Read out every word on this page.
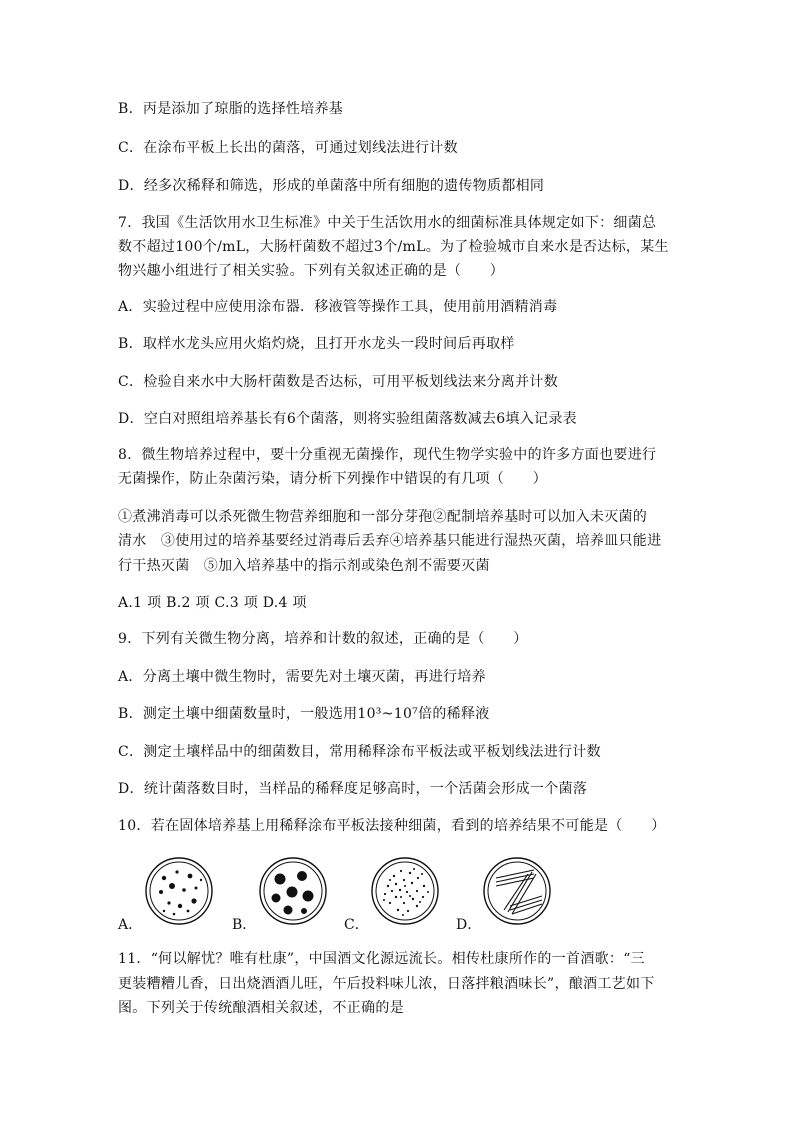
B．丙是添加了琼脂的选择性培养基
C．在涂布平板上长出的菌落，可通过划线法进行计数
D．经多次稀释和筛选，形成的单菌落中所有细胞的遗传物质都相同
7．我国《生活饮用水卫生标准》中关于生活饮用水的细菌标准具体规定如下：细菌总
数不超过100个/mL，大肠杆菌数不超过3个/mL。为了检验城市自来水是否达标，某生
物兴趣小组进行了相关实验。下列有关叙述正确的是（　　）
A．实验过程中应使用涂布器．移液管等操作工具，使用前用酒精消毒
B．取样水龙头应用火焰灼烧，且打开水龙头一段时间后再取样
C．检验自来水中大肠杆菌数是否达标，可用平板划线法来分离并计数
D．空白对照组培养基长有6个菌落，则将实验组菌落数减去6填入记录表
8．微生物培养过程中，要十分重视无菌操作，现代生物学实验中的许多方面也要进行
无菌操作，防止杂菌污染，请分析下列操作中错误的有几项（　　）
①煮沸消毒可以杀死微生物营养细胞和一部分芽孢②配制培养基时可以加入未灭菌的
清水　③使用过的培养基要经过消毒后丢弃④培养基只能进行湿热灭菌，培养皿只能进
行干热灭菌　⑤加入培养基中的指示剂或染色剂不需要灭菌
A.1 项 B.2 项 C.3 项 D.4 项
9．下列有关微生物分离，培养和计数的叙述，正确的是（　　）
A．分离土壤中微生物时，需要先对土壤灭菌，再进行培养
B．测定土壤中细菌数量时，一般选用10³~10⁷倍的稀释液
C．测定土壤样品中的细菌数目，常用稀释涂布平板法或平板划线法进行计数
D．统计菌落数目时，当样品的稀释度足够高时，一个活菌会形成一个菌落
10．若在固体培养基上用稀释涂布平板法接种细菌，看到的培养结果不可能是（　　）
A．	B．	C．	D．
11．“何以解忧？唯有杜康”，中国酒文化源远流长。相传杜康所作的一首酒歌：“三
更装糟糟儿香，日出烧酒酒儿旺，午后投料味儿浓，日落拌粮酒味长”，酿酒工艺如下
图。下列关于传统酿酒相关叙述，不正确的是
